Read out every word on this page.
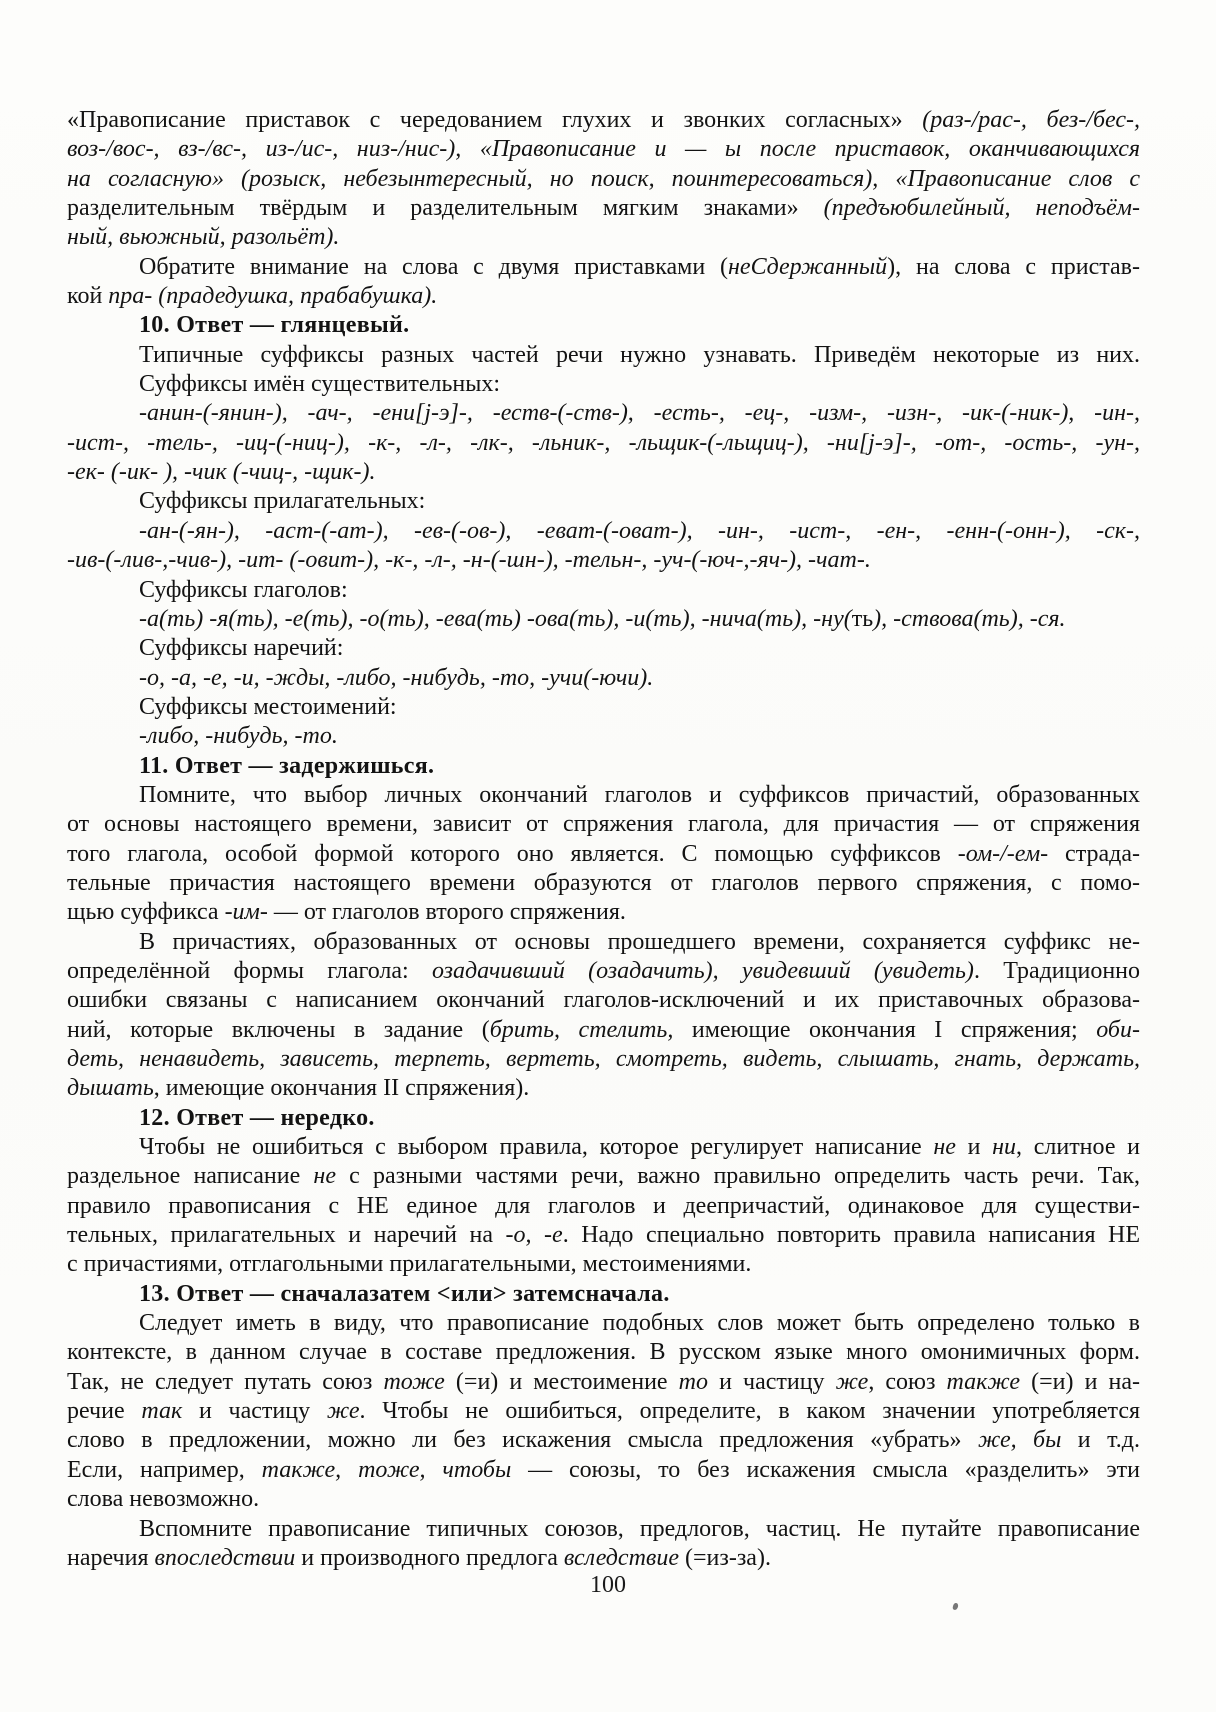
«Правописание приставок с чередованием глухих и звонких согласных» (раз-/рас-, без-/бес-,
воз-/вос-, вз-/вс-, из-/ис-, низ-/нис-), «Правописание и — ы после приставок, оканчивающихся
на согласную» (розыск, небезынтересный, но поиск, поинтересоваться), «Правописание слов с
разделительным твёрдым и разделительным мягким знаками» (предъюбилейный, неподъём-
ный, вьюжный, разольёт).
Обратите внимание на слова с двумя приставками (неСдержанный), на слова с пристав-
кой пра- (прадедушка, прабабушка).
10. Ответ — глянцевый.
Типичные суффиксы разных частей речи нужно узнавать. Приведём некоторые из них.
Суффиксы имён существительных:
-анин-(-янин-), -ач-, -ени[j-э]-, -еств-(-ств-), -есть-, -ец-, -изм-, -изн-, -ик-(-ник-), -ин-,
-ист-, -тель-, -иц-(-ниц-), -к-, -л-, -лк-, -льник-, -льщик-(-льщиц-), -ни[j-э]-, -от-, -ость-, -ун-,
-ек- (-ик- ), -чик (-чиц-, -щик-).
Суффиксы прилагательных:
-ан-(-ян-), -аст-(-ат-), -ев-(-ов-), -еват-(-оват-), -ин-, -ист-, -ен-, -енн-(-онн-), -ск-,
-ив-(-лив-,-чив-), -ит- (-овит-), -к-, -л-, -н-(-шн-), -тельн-, -уч-(-юч-,-яч-), -чат-.
Суффиксы глаголов:
-а(ть) -я(ть), -е(ть), -о(ть), -ева(ть) -ова(ть), -и(ть), -нича(ть), -ну(ть), -ствова(ть), -ся.
Суффиксы наречий:
-о, -а, -е, -и, -жды, -либо, -нибудь, -то, -учи(-ючи).
Суффиксы местоимений:
-либо, -нибудь, -то.
11. Ответ — задержишься.
Помните, что выбор личных окончаний глаголов и суффиксов причастий, образованных
от основы настоящего времени, зависит от спряжения глагола, для причастия — от спряжения
того глагола, особой формой которого оно является. С помощью суффиксов -ом-/-ем- страда-
тельные причастия настоящего времени образуются от глаголов первого спряжения, с помо-
щью суффикса -им- — от глаголов второго спряжения.
В причастиях, образованных от основы прошедшего времени, сохраняется суффикс не-
определённой формы глагола: озадачивший (озадачить), увидевший (увидеть). Традиционно
ошибки связаны с написанием окончаний глаголов-исключений и их приставочных образова-
ний, которые включены в задание (брить, стелить, имеющие окончания I спряжения; оби-
деть, ненавидеть, зависеть, терпеть, вертеть, смотреть, видеть, слышать, гнать, держать,
дышать, имеющие окончания II спряжения).
12. Ответ — нередко.
Чтобы не ошибиться с выбором правила, которое регулирует написание не и ни, слитное и
раздельное написание не с разными частями речи, важно правильно определить часть речи. Так,
правило правописания с НЕ единое для глаголов и деепричастий, одинаковое для существи-
тельных, прилагательных и наречий на -о, -е. Надо специально повторить правила написания НЕ
с причастиями, отглагольными прилагательными, местоимениями.
13. Ответ — сначалазатем <или> затемсначала.
Следует иметь в виду, что правописание подобных слов может быть определено только в
контексте, в данном случае в составе предложения. В русском языке много омонимичных форм.
Так, не следует путать союз тоже (=и) и местоимение то и частицу же, союз также (=и) и на-
речие так и частицу же. Чтобы не ошибиться, определите, в каком значении употребляется
слово в предложении, можно ли без искажения смысла предложения «убрать» же, бы и т.д.
Если, например, также, тоже, чтобы — союзы, то без искажения смысла «разделить» эти
слова невозможно.
Вспомните правописание типичных союзов, предлогов, частиц. Не путайте правописание
наречия впоследствии и производного предлога вследствие (=из-за).
100
